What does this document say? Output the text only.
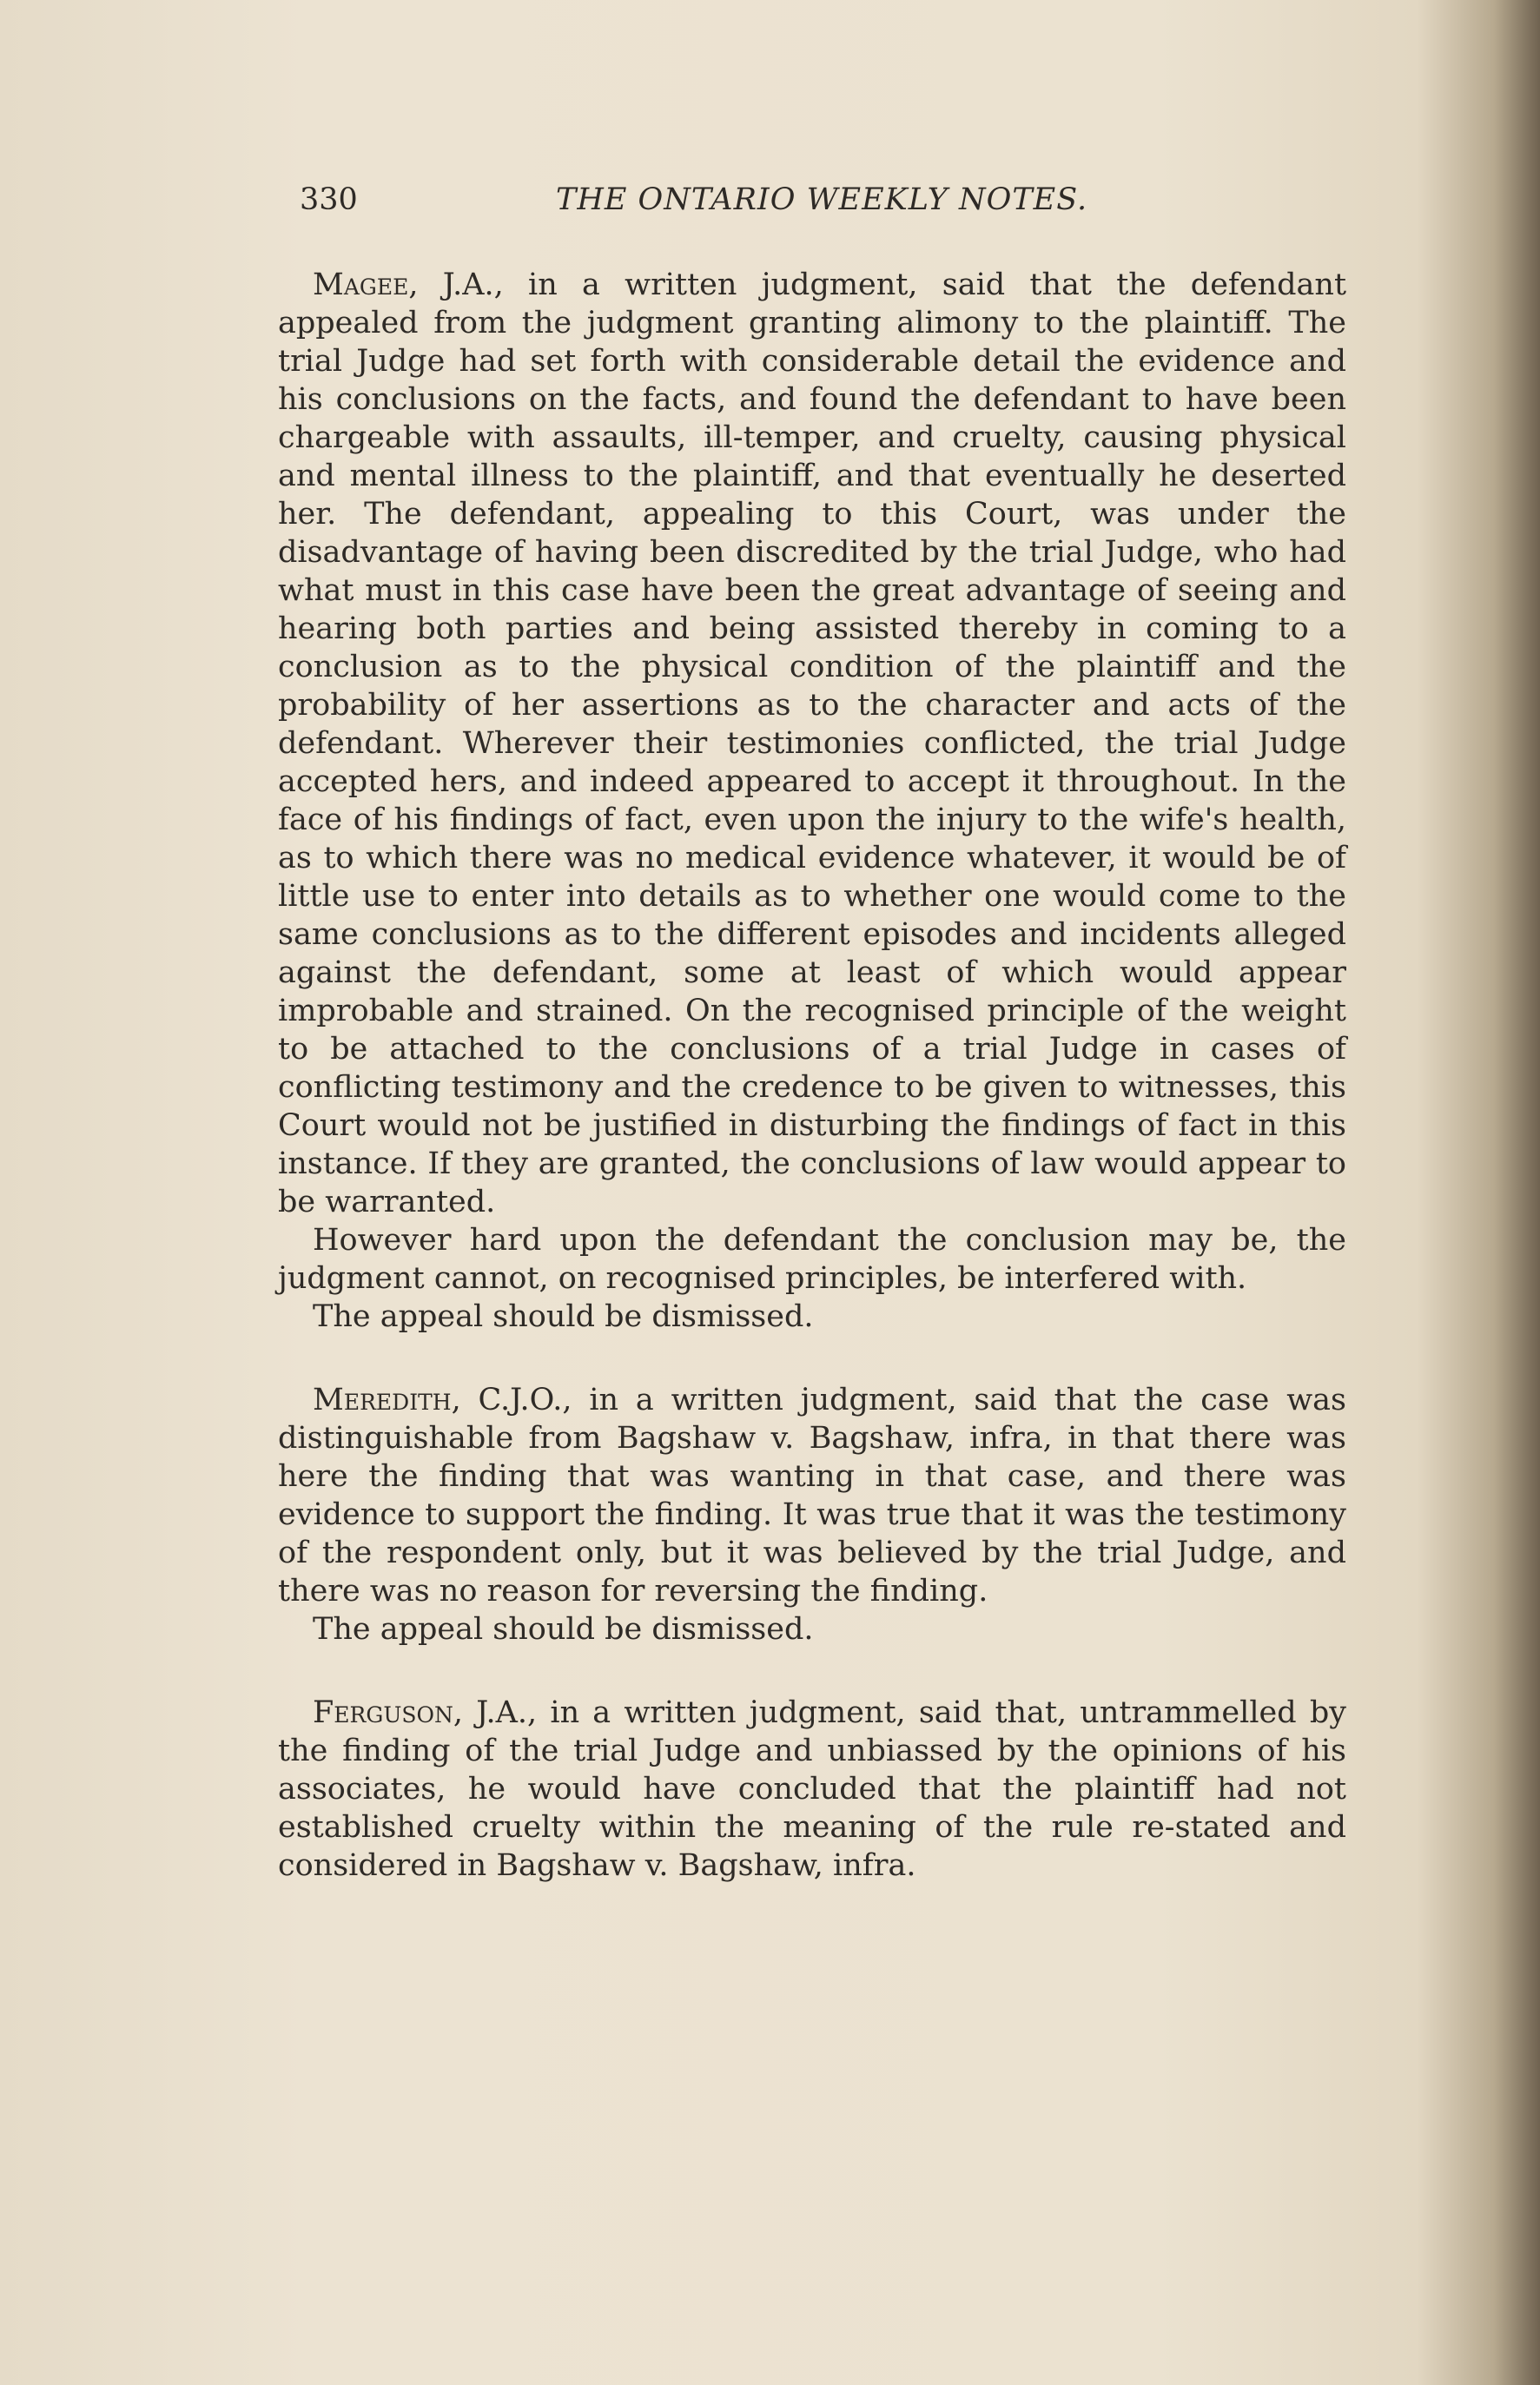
330	THE ONTARIO WEEKLY NOTES.

Magee, J.A., in a written judgment, said that the defendant appealed from the judgment granting alimony to the plaintiff. The trial Judge had set forth with considerable detail the evidence and his conclusions on the facts, and found the defendant to have been chargeable with assaults, ill-temper, and cruelty, causing physical and mental illness to the plaintiff, and that eventually he deserted her. The defendant, appealing to this Court, was under the disadvantage of having been discredited by the trial Judge, who had what must in this case have been the great advantage of seeing and hearing both parties and being assisted thereby in coming to a conclusion as to the physical condition of the plaintiff and the probability of her assertions as to the character and acts of the defendant. Wherever their testimonies conflicted, the trial Judge accepted hers, and indeed appeared to accept it throughout. In the face of his findings of fact, even upon the injury to the wife's health, as to which there was no medical evidence whatever, it would be of little use to enter into details as to whether one would come to the same conclusions as to the different episodes and incidents alleged against the defendant, some at least of which would appear improbable and strained. On the recognised principle of the weight to be attached to the conclusions of a trial Judge in cases of conflicting testimony and the credence to be given to witnesses, this Court would not be justified in disturbing the findings of fact in this instance. If they are granted, the conclusions of law would appear to be warranted.

However hard upon the defendant the conclusion may be, the judgment cannot, on recognised principles, be interfered with.

The appeal should be dismissed.

Meredith, C.J.O., in a written judgment, said that the case was distinguishable from Bagshaw v. Bagshaw, infra, in that there was here the finding that was wanting in that case, and there was evidence to support the finding. It was true that it was the testimony of the respondent only, but it was believed by the trial Judge, and there was no reason for reversing the finding.

The appeal should be dismissed.

Ferguson, J.A., in a written judgment, said that, untrammelled by the finding of the trial Judge and unbiassed by the opinions of his associates, he would have concluded that the plaintiff had not established cruelty within the meaning of the rule re-stated and considered in Bagshaw v. Bagshaw, infra.
